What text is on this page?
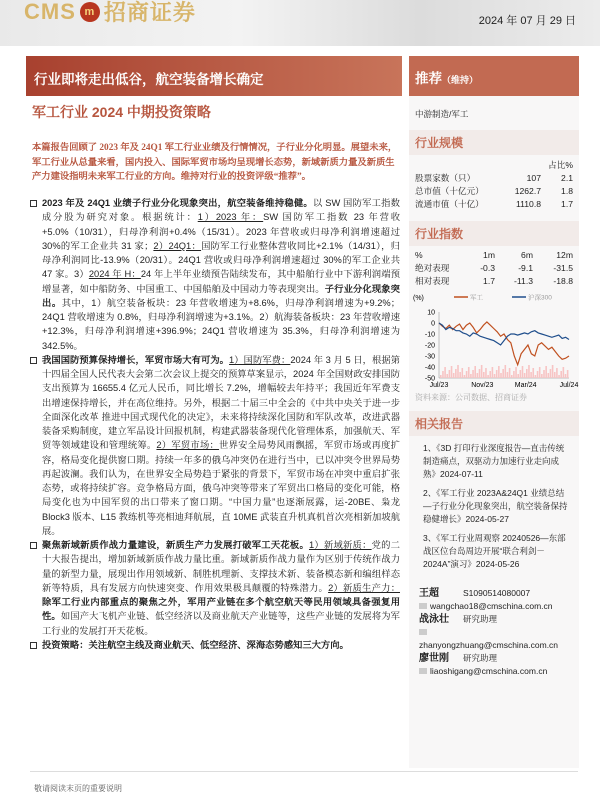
CMS m 招商证券	2024 年 07 月 29 日
行业即将走出低谷，航空装备增长确定	推荐（维持）
军工行业 2024 中期投资策略
本篇报告回顾了 2023 年及 24Q1 军工行业业绩及行情情况，子行业分化明显。展望未来，军工行业从总量来看，国内投入、国际军贸市场均呈现增长态势，新域新质力量及新质生产力建设指明未来军工行业的方向。维持对行业的投资评级“推荐”。
2023 年及 24Q1 业绩子行业分化现象突出，航空装备维持稳健。以 SW 国防军工指数成分股为研究对象。根据统计：1）2023 年：SW 国防军工指数 23 年营收+5.0%（10/31），归母净利润+0.4%（15/31）。2023 年营收或归母净利润增速超过 30%的军工企业共 31 家；2）24Q1：国防军工行业整体营收同比+2.1%（14/31），归母净利润同比-13.9%（20/31）。24Q1 营收或归母净利润增速超过 30%的军工企业共 47 家。3）2024 年 H：24 年上半年业绩预告陆续发布，其中船舶行业中下游利润端预增显著，如中船防务、中国重工、中国船舶及中国动力等表现突出。子行业分化现象突出。其中，1）航空装备板块：23 年营收增速为+8.6%，归母净利润增速为+9.2%；24Q1 营收增速为 0.8%，归母净利润增速为+3.1%。2）航海装备板块：23 年营收增速+12.3%，归母净利润增速+396.9%；24Q1 营收增速为 35.3%，归母净利润增速为 342.5%。
我国国防预算保持增长，军贸市场大有可为。1）国防军费：2024 年 3 月 5 日，根据第十四届全国人民代表大会第二次会议上提交的预算草案显示，2024 年全国财政安排国防支出预算为 16655.4 亿元人民币，同比增长 7.2%，增幅较去年持平；我国近年军费支出增速保持增长，并在高位维持。另外，根据二十届三中全会的《中共中央关于进一步全面深化改革 推进中国式现代化的决定》，未来将持续深化国防和军队改革，改进武器装备采购制度，建立军品设计回报机制，构建武器装备现代化管理体系，加强航天、军贸等领域建设和管理统筹。2）军贸市场：世界安全局势风雨飘摇，军贸市场或再度扩容，格局变化提供窗口期。持续一年多的俄乌冲突仍在进行当中，已以冲突令世界局势再起波澜。我们认为，在世界安全局势趋于紧张的背景下，军贸市场在冲突中重启扩张态势，或将持续扩容。竞争格局方面，俄乌冲突等带来了军贸出口格局的变化可能，格局变化也为中国军贸的出口带来了窗口期。“中国力量”也逐渐展露，运-20BE、枭龙 Block3 版本、L15 教练机等亮相迪拜航展，直 10ME 武装直升机真机首次亮相新加坡航展。
聚焦新域新质作战力量建设，新质生产力发展打破军工天花板。1）新域新质：党的二十大报告提出，增加新域新质作战力量比重。新域新质作战力量作为区别于传统作战力量的新型力量，展现出作用领域新、制胜机理新、支撑技术新、装备模态新和编组样态新等特质，具有发展方向快速突变、作用效果极具颠覆的特殊潜力。2）新质生产力：除军工行业内部重点的聚焦之外，军用产业链在多个航空航天等民用领域具备强复用性。如国产大飞机产业链、低空经济以及商业航天产业链等，这些产业链的发展将为军工行业的发展打开天花板。
投资策略：关注航空主线及商业航天、低空经济、深海态势感知三大方向。
中游制造/军工
行业规模
占比%
股票家数（只）	107	2.1
总市值（十亿元）	1262.7	1.8
流通市值（十亿）	1110.8	1.7
行业指数
%	1m	6m	12m
绝对表现	-0.3	-9.1	-31.5
相对表现	1.7	-11.3	-18.8
(%)
10
0
-10
-20
-30
-40
-50
Jul/23	Nov/23	Mar/24	Jul/24
军工	沪深300
资料来源：公司数据、招商证券
相关报告
1、《3D 打印行业深度报告—直击传统制造痛点，双驱动力加速行业走向成熟》2024-07-11
2、《军工行业 2023A&24Q1 业绩总结—子行业分化现象突出，航空装备保持稳健增长》2024-05-27
3、《军工行业周观察 20240526—东部战区位台岛周边开展“联合利剑－2024A”演习》2024-05-26
王超	S1090514080007
wangchao18@cmschina.com.cn
战泳壮 研究助理
zhanyongzhuang@cmschina.com.cn
廖世刚 研究助理
liaoshigang@cmschina.com.cn
敬请阅读末页的重要说明
